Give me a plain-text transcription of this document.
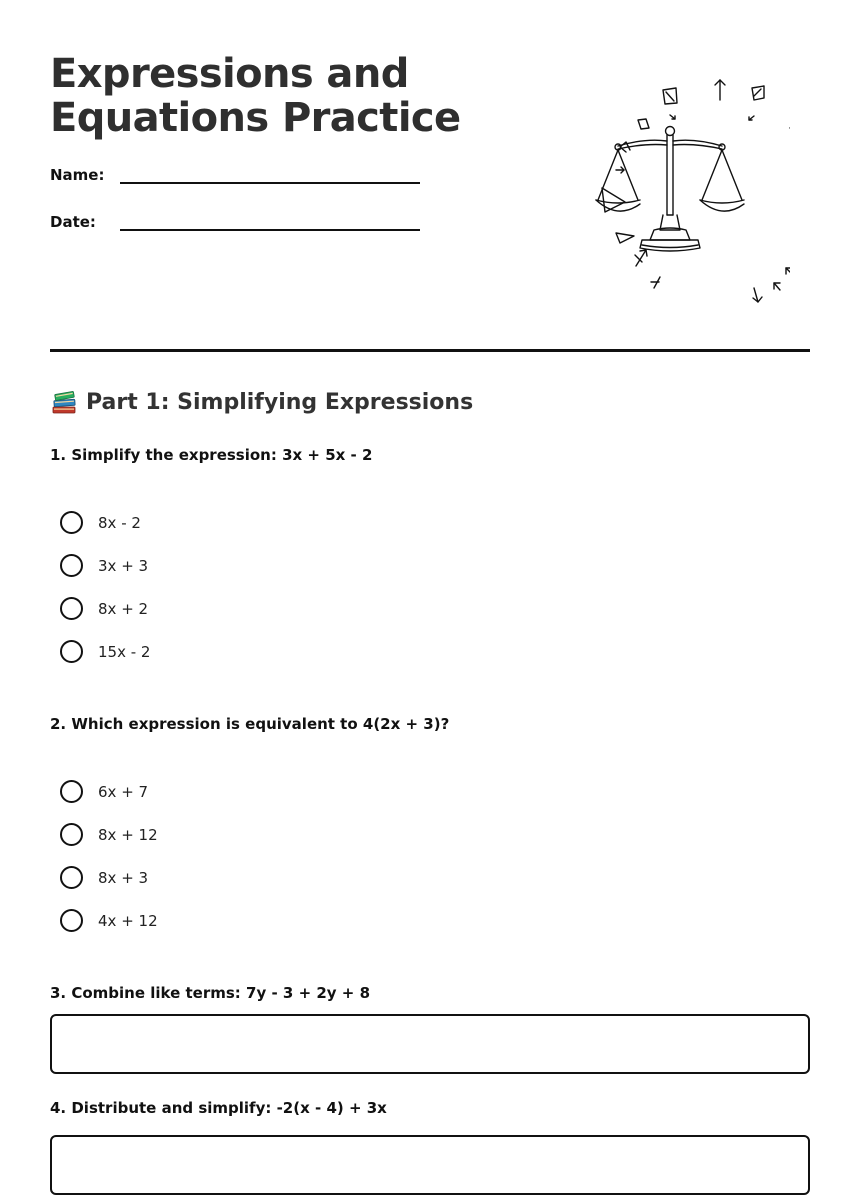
Expressions and Equations Practice
Name:
Date:
Part 1: Simplifying Expressions
1. Simplify the expression: 3x + 5x - 2
8x - 2
3x + 3
8x + 2
15x - 2
2. Which expression is equivalent to 4(2x + 3)?
6x + 7
8x + 12
8x + 3
4x + 12
3. Combine like terms: 7y - 3 + 2y + 8
4. Distribute and simplify: -2(x - 4) + 3x
